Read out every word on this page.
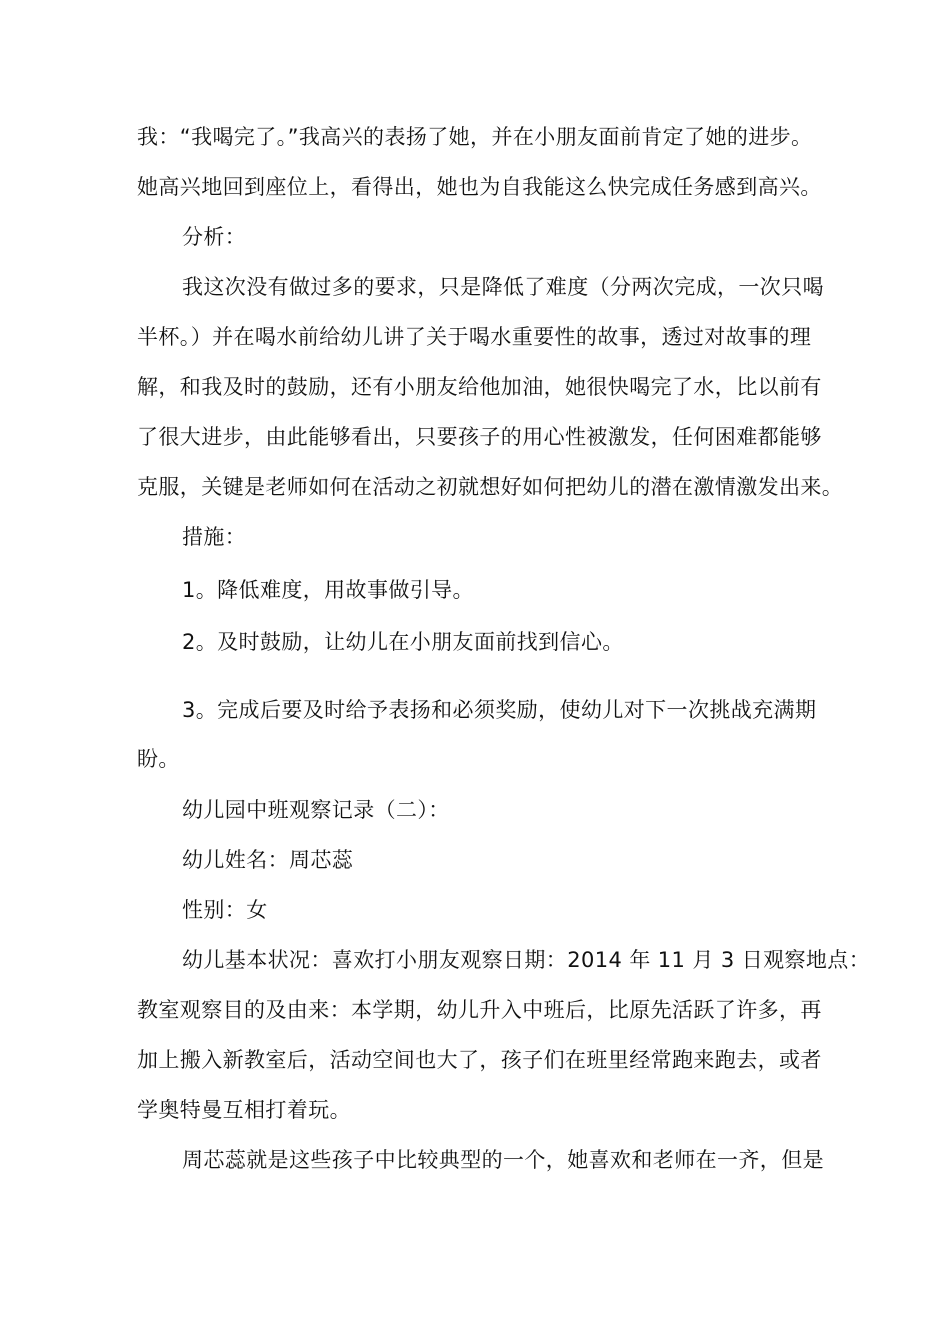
我：“我喝完了。”我高兴的表扬了她，并在小朋友面前肯定了她的进步。

她高兴地回到座位上，看得出，她也为自我能这么快完成任务感到高兴。

分析：

我这次没有做过多的要求，只是降低了难度（分两次完成，一次只喝

半杯。）并在喝水前给幼儿讲了关于喝水重要性的故事，透过对故事的理

解，和我及时的鼓励，还有小朋友给他加油，她很快喝完了水，比以前有

了很大进步，由此能够看出，只要孩子的用心性被激发，任何困难都能够

克服，关键是老师如何在活动之初就想好如何把幼儿的潜在激情激发出来。

措施：

1。降低难度，用故事做引导。

2。及时鼓励，让幼儿在小朋友面前找到信心。

3。完成后要及时给予表扬和必须奖励，使幼儿对下一次挑战充满期

盼。

幼儿园中班观察记录（二）：

幼儿姓名：周芯蕊

性别：女

幼儿基本状况：喜欢打小朋友观察日期：2014 年 11 月 3 日观察地点：

教室观察目的及由来：本学期，幼儿升入中班后，比原先活跃了许多，再

加上搬入新教室后，活动空间也大了，孩子们在班里经常跑来跑去，或者

学奥特曼互相打着玩。

周芯蕊就是这些孩子中比较典型的一个，她喜欢和老师在一齐，但是
